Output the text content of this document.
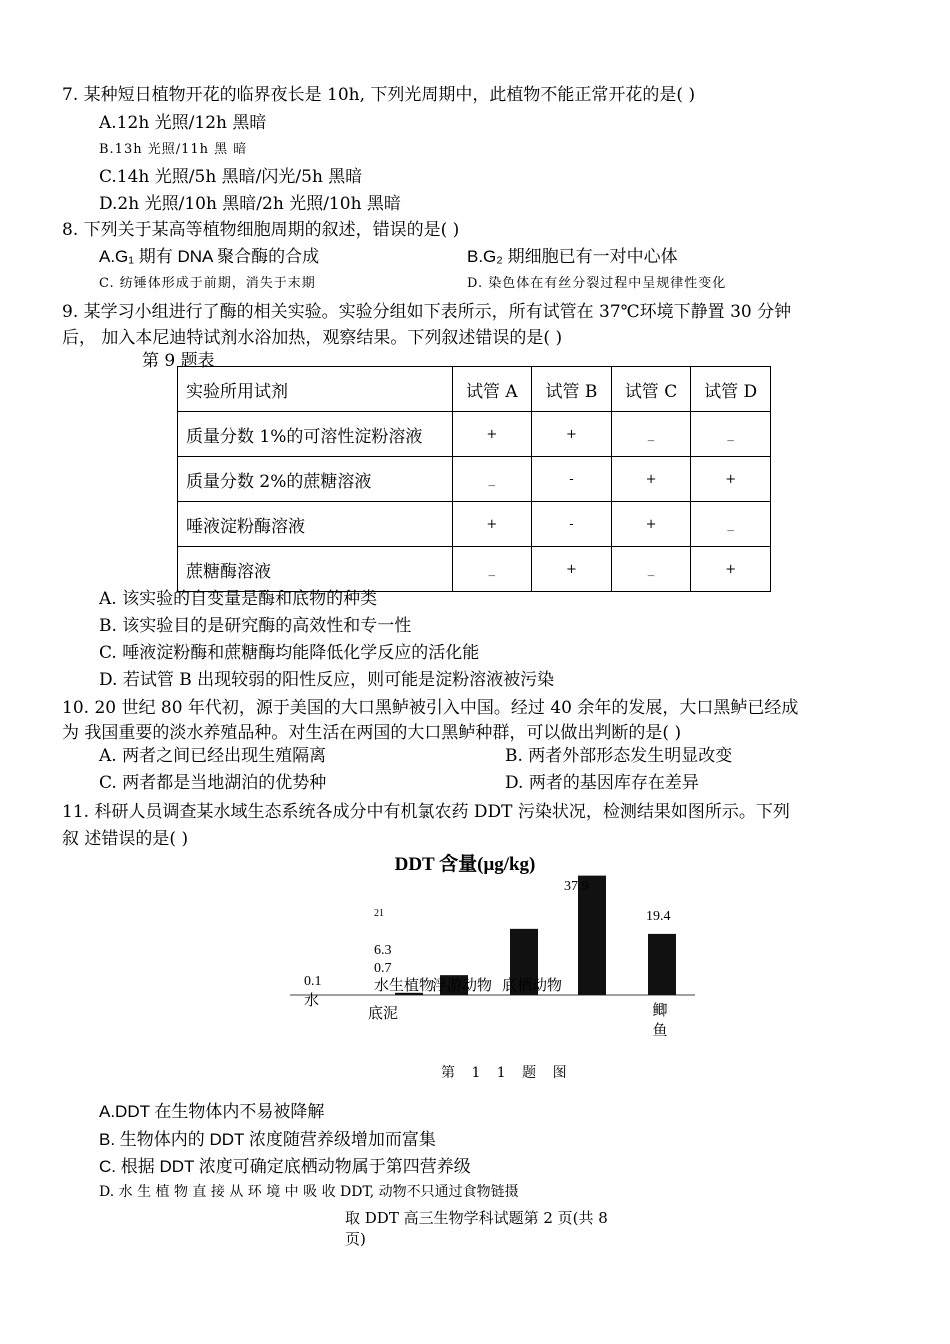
7. 某种短日植物开花的临界夜长是 10h, 下列光周期中，此植物不能正常开花的是( )
A.12h 光照/12h 黑暗
B.13h 光照/11h 黑 暗
C.14h 光照/5h 黑暗/闪光/5h 黑暗
D.2h 光照/10h 黑暗/2h 光照/10h 黑暗
8. 下列关于某高等植物细胞周期的叙述，错误的是( )
A.G₁ 期有 DNA 聚合酶的合成	B.G₂ 期细胞已有一对中心体
C. 纺锤体形成于前期，消失于末期	D. 染色体在有丝分裂过程中呈规律性变化
9. 某学习小组进行了酶的相关实验。实验分组如下表所示，所有试管在 37℃环境下静置 30 分钟
后， 加入本尼迪特试剂水浴加热，观察结果。下列叙述错误的是( )
第 9 题表
实验所用试剂	试管 A	试管 B	试管 C	试管 D
质量分数 1%的可溶性淀粉溶液	+	+	_	_
质量分数 2%的蔗糖溶液	_	-	+	+
唾液淀粉酶溶液	+	-	+	_
蔗糖酶溶液	_	+	_	+
A. 该实验的自变量是酶和底物的种类
B. 该实验目的是研究酶的高效性和专一性
C. 唾液淀粉酶和蔗糖酶均能降低化学反应的活化能
D. 若试管 B 出现较弱的阳性反应，则可能是淀粉溶液被污染
10. 20 世纪 80 年代初，源于美国的大口黑鲈被引入中国。经过 40 余年的发展，大口黑鲈已经成
为 我国重要的淡水养殖品种。对生活在两国的大口黑鲈种群，可以做出判断的是( )
A. 两者之间已经出现生殖隔离	B. 两者外部形态发生明显改变
C. 两者都是当地湖泊的优势种	D. 两者的基因库存在差异
11. 科研人员调查某水域生态系统各成分中有机氯农药 DDT 污染状况，检测结果如图所示。下列
叙 述错误的是( )
DDT 含量(μg/kg)
0.1
水
0.7
底泥
6.3
水生植物
21
浮游动物
37.9
底栖动物
19.4
鲫
鱼
第 1 1 题 图
A.DDT 在生物体内不易被降解
B. 生物体内的 DDT 浓度随营养级增加而富集
C. 根据 DDT 浓度可确定底栖动物属于第四营养级
D. 水 生 植 物 直 接 从 环 境 中 吸 收 DDT, 动物不只通过食物链摄
取 DDT 高三生物学科试题第 2 页(共 8
页)
